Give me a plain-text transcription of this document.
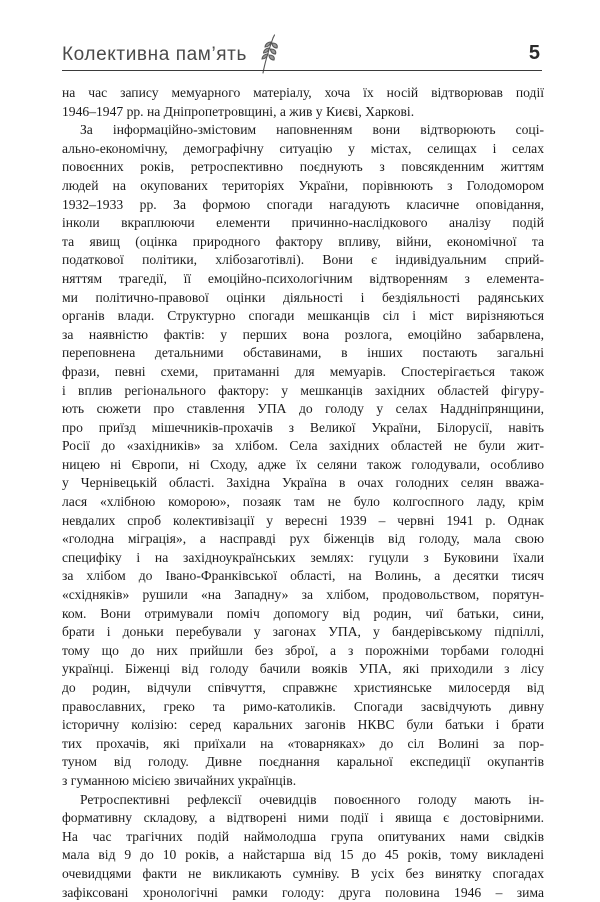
Колективна пам’ять	5
на час запису мемуарного матеріалу, хоча їх носій відтворював події
1946–1947 рр. на Дніпропетровщині, а жив у Києві, Харкові.
За інформаційно-змістовим наповненням вони відтворюють соці-
ально-економічну, демографічну ситуацію у містах, селищах і селах
повоєнних років, ретроспективно поєднують з повсякденним життям
людей на окупованих територіях України, порівнюють з Голодомором
1932–1933 рр. За формою спогади нагадують класичне оповідання,
інколи вкраплюючи елементи причинно-наслідкового аналізу подій
та явищ (оцінка природного фактору впливу, війни, економічної та
податкової політики, хлібозаготівлі). Вони є індивідуальним сприй-
няттям трагедії, її емоційно-психологічним відтворенням з елемента-
ми політично-правової оцінки діяльності і бездіяльності радянських
органів влади. Структурно спогади мешканців сіл і міст вирізняються
за наявністю фактів: у перших вона розлога, емоційно забарвлена,
переповнена детальними обставинами, в інших постають загальні
фрази, певні схеми, притаманні для мемуарів. Спостерігається також
і вплив регіонального фактору: у мешканців західних областей фігуру-
ють сюжети про ставлення УПА до голоду у селах Наддніпрянщини,
про приїзд мішечників-прохачів з Великої України, Білорусії, навіть
Росії до «західників» за хлібом. Села західних областей не були жит-
ницею ні Європи, ні Сходу, адже їх селяни також голодували, особливо
у Чернівецькій області. Західна Україна в очах голодних селян вважа-
лася «хлібною коморою», позаяк там не було колгоспного ладу, крім
невдалих спроб колективізації у вересні 1939 – червні 1941 р. Однак
«голодна міграція», а насправді рух біженців від голоду, мала свою
специфіку і на західноукраїнських землях: гуцули з Буковини їхали
за хлібом до Івано-Франківської області, на Волинь, а десятки тисяч
«східняків» рушили «на Западну» за хлібом, продовольством, порятун-
ком. Вони отримували поміч допомогу від родин, чиї батьки, сини,
брати і доньки перебували у загонах УПА, у бандерівському підпіллі,
тому що до них прийшли без зброї, а з порожніми торбами голодні
українці. Біженці від голоду бачили вояків УПА, які приходили з лісу
до родин, відчули співчуття, справжнє християнське милосердя від
православних, греко та римо-католиків. Спогади засвідчують дивну
історичну колізію: серед каральних загонів НКВС були батьки і брати
тих прохачів, які приїхали на «товарняках» до сіл Волині за пор-
туном від голоду. Дивне поєднання каральної експедиції окупантів
з гуманною місією звичайних українців.
Ретроспективні рефлексії очевидців повоєнного голоду мають ін-
формативну складову, а відтворені ними події і явища є достовірними.
На час трагічних подій наймолодша група опитуваних нами свідків
мала від 9 до 10 років, а найстарша від 15 до 45 років, тому викладені
очевидцями факти не викликають сумніву. В усіх без винятку спогадах
зафіксовані хронологічні рамки голоду: друга половина 1946 – зима
